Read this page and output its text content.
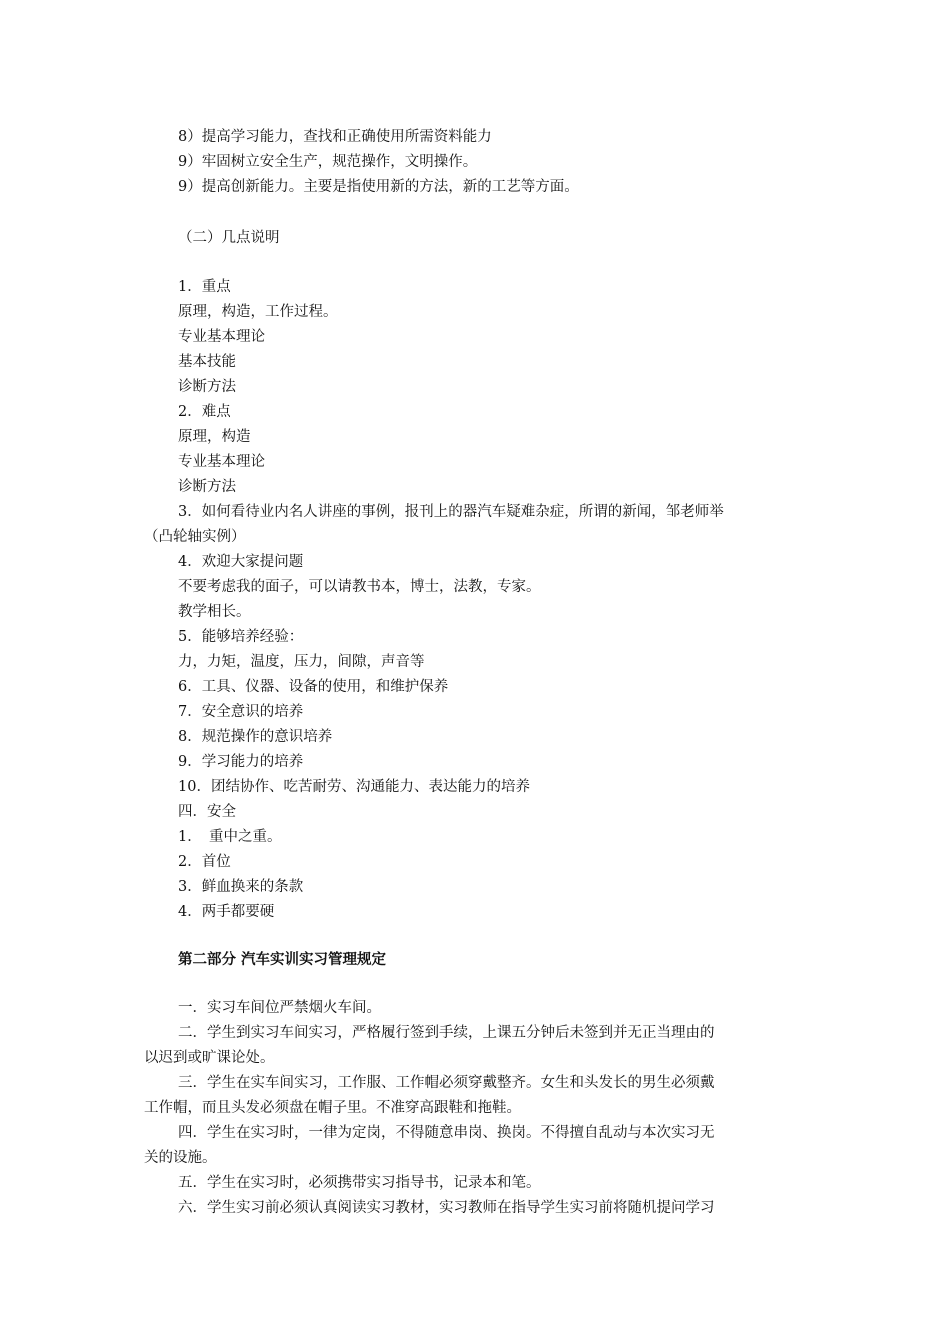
8）提高学习能力，查找和正确使用所需资料能力
9）牢固树立安全生产，规范操作，文明操作。
9）提高创新能力。主要是指使用新的方法，新的工艺等方面。
（二）几点说明
1．重点
原理，构造，工作过程。
专业基本理论
基本技能
诊断方法
2．难点
原理，构造
专业基本理论
诊断方法
3．如何看待业内名人讲座的事例，报刊上的器汽车疑难杂症，所谓的新闻，邹老师举
（凸轮轴实例）
4．欢迎大家提问题
不要考虑我的面子，可以请教书本，博士，法教，专家。
教学相长。
5．能够培养经验：
力，力矩，温度，压力，间隙，声音等
6．工具、仪器、设备的使用，和维护保养
7．安全意识的培养
8．规范操作的意识培养
9．学习能力的培养
10．团结协作、吃苦耐劳、沟通能力、表达能力的培养
四．安全
1．　重中之重。
2．首位
3．鲜血换来的条款
4．两手都要硬
第二部分 汽车实训实习管理规定
一．实习车间位严禁烟火车间。
二．学生到实习车间实习，严格履行签到手续，上课五分钟后未签到并无正当理由的
以迟到或旷课论处。
三．学生在实车间实习，工作服、工作帽必须穿戴整齐。女生和头发长的男生必须戴
工作帽，而且头发必须盘在帽子里。不准穿高跟鞋和拖鞋。
四．学生在实习时，一律为定岗，不得随意串岗、换岗。不得擅自乱动与本次实习无
关的设施。
五．学生在实习时，必须携带实习指导书，记录本和笔。
六．学生实习前必须认真阅读实习教材，实习教师在指导学生实习前将随机提问学习
